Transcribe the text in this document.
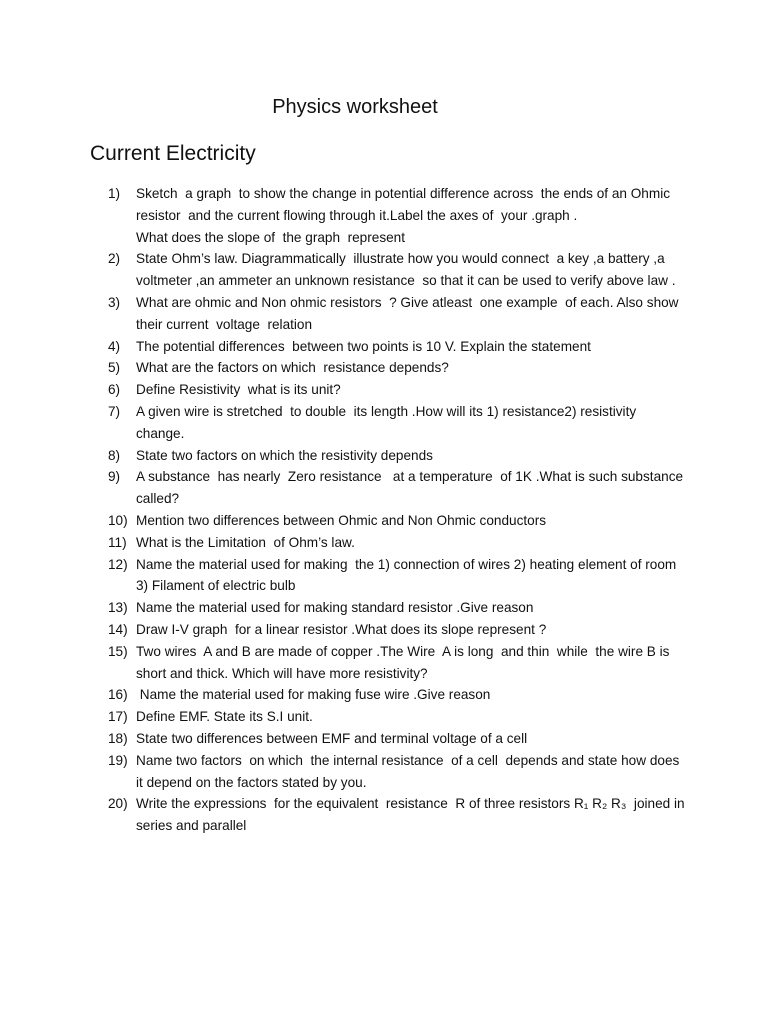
Physics worksheet
Current Electricity
1)	Sketch  a graph  to show the change in potential difference across  the ends of an Ohmic resistor  and the current flowing through it.Label the axes of  your .graph .
What does the slope of  the graph  represent
2)	State Ohm’s law. Diagrammatically  illustrate how you would connect  a key ,a battery ,a voltmeter ,an ammeter an unknown resistance  so that it can be used to verify above law .
3)	What are ohmic and Non ohmic resistors  ? Give atleast  one example  of each. Also show their current  voltage  relation
4)	The potential differences  between two points is 10 V. Explain the statement
5)	What are the factors on which  resistance depends?
6)	Define Resistivity  what is its unit?
7)	A given wire is stretched  to double  its length .How will its 1) resistance2) resistivity change.
8)	State two factors on which the resistivity depends
9)	A substance  has nearly  Zero resistance   at a temperature  of 1K .What is such substance called?
10) Mention two differences between Ohmic and Non Ohmic conductors
11) What is the Limitation  of Ohm’s law.
12) Name the material used for making  the 1) connection of wires 2) heating element of room 3) Filament of electric bulb
13) Name the material used for making standard resistor .Give reason
14) Draw I-V graph  for a linear resistor .What does its slope represent ?
15) Two wires  A and B are made of copper .The Wire  A is long  and thin  while  the wire B is short and thick. Which will have more resistivity?
16) Name the material used for making fuse wire .Give reason
17) Define EMF. State its S.I unit.
18) State two differences between EMF and terminal voltage of a cell
19) Name two factors  on which  the internal resistance  of a cell  depends and state how does it depend on the factors stated by you.
20) Write the expressions  for the equivalent  resistance  R of three resistors R₁ R₂ R₃  joined in series and parallel
